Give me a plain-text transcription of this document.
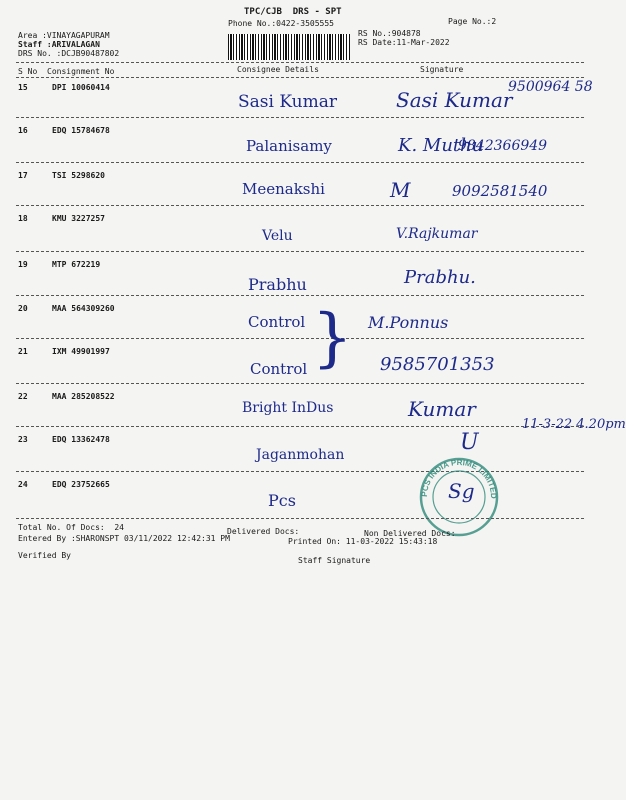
TPC/CJB  DRS - SPT
Phone No.:0422-3505555	Page No.:2
Area :VINAYAGAPURAM
Staff :ARIVALAGAN
DRS No. :DCJB90487802
RS No.:904878
RS Date:11-Mar-2022
S No Consignment No	Consignee Details	Signature
15	DPI 10060414
Sasi Kumar	Sasi Kumar
9500964 58
16	EDQ 15784678
Palanisamy	K. Muthu
9842366949
17	TSI 5298620
Meenakshi	M	9092581540
18	KMU 3227257
Velu	V.Rajkumar
19	MTP 672219
Prabhu	Prabhu.
20	MAA 564309260
Control	M.Ponnus
21	IXM 49901997
Control	9585701353
22	MAA 285208522
Bright InDus	Kumar
23	EDQ 13362478
Jaganmohan	U
11-3-22 4.20pm
24	EDQ 23752665
Pcs	Sg
}
PCS INDIA PRIME LIMITED
Total No. Of Docs:  24	Delivered Docs:	Non Delivered Docs:
Entered By :SHARONSPT 03/11/2022 12:42:31 PM	Printed On: 11-03-2022 15:43:18
Verified By
Staff Signature
